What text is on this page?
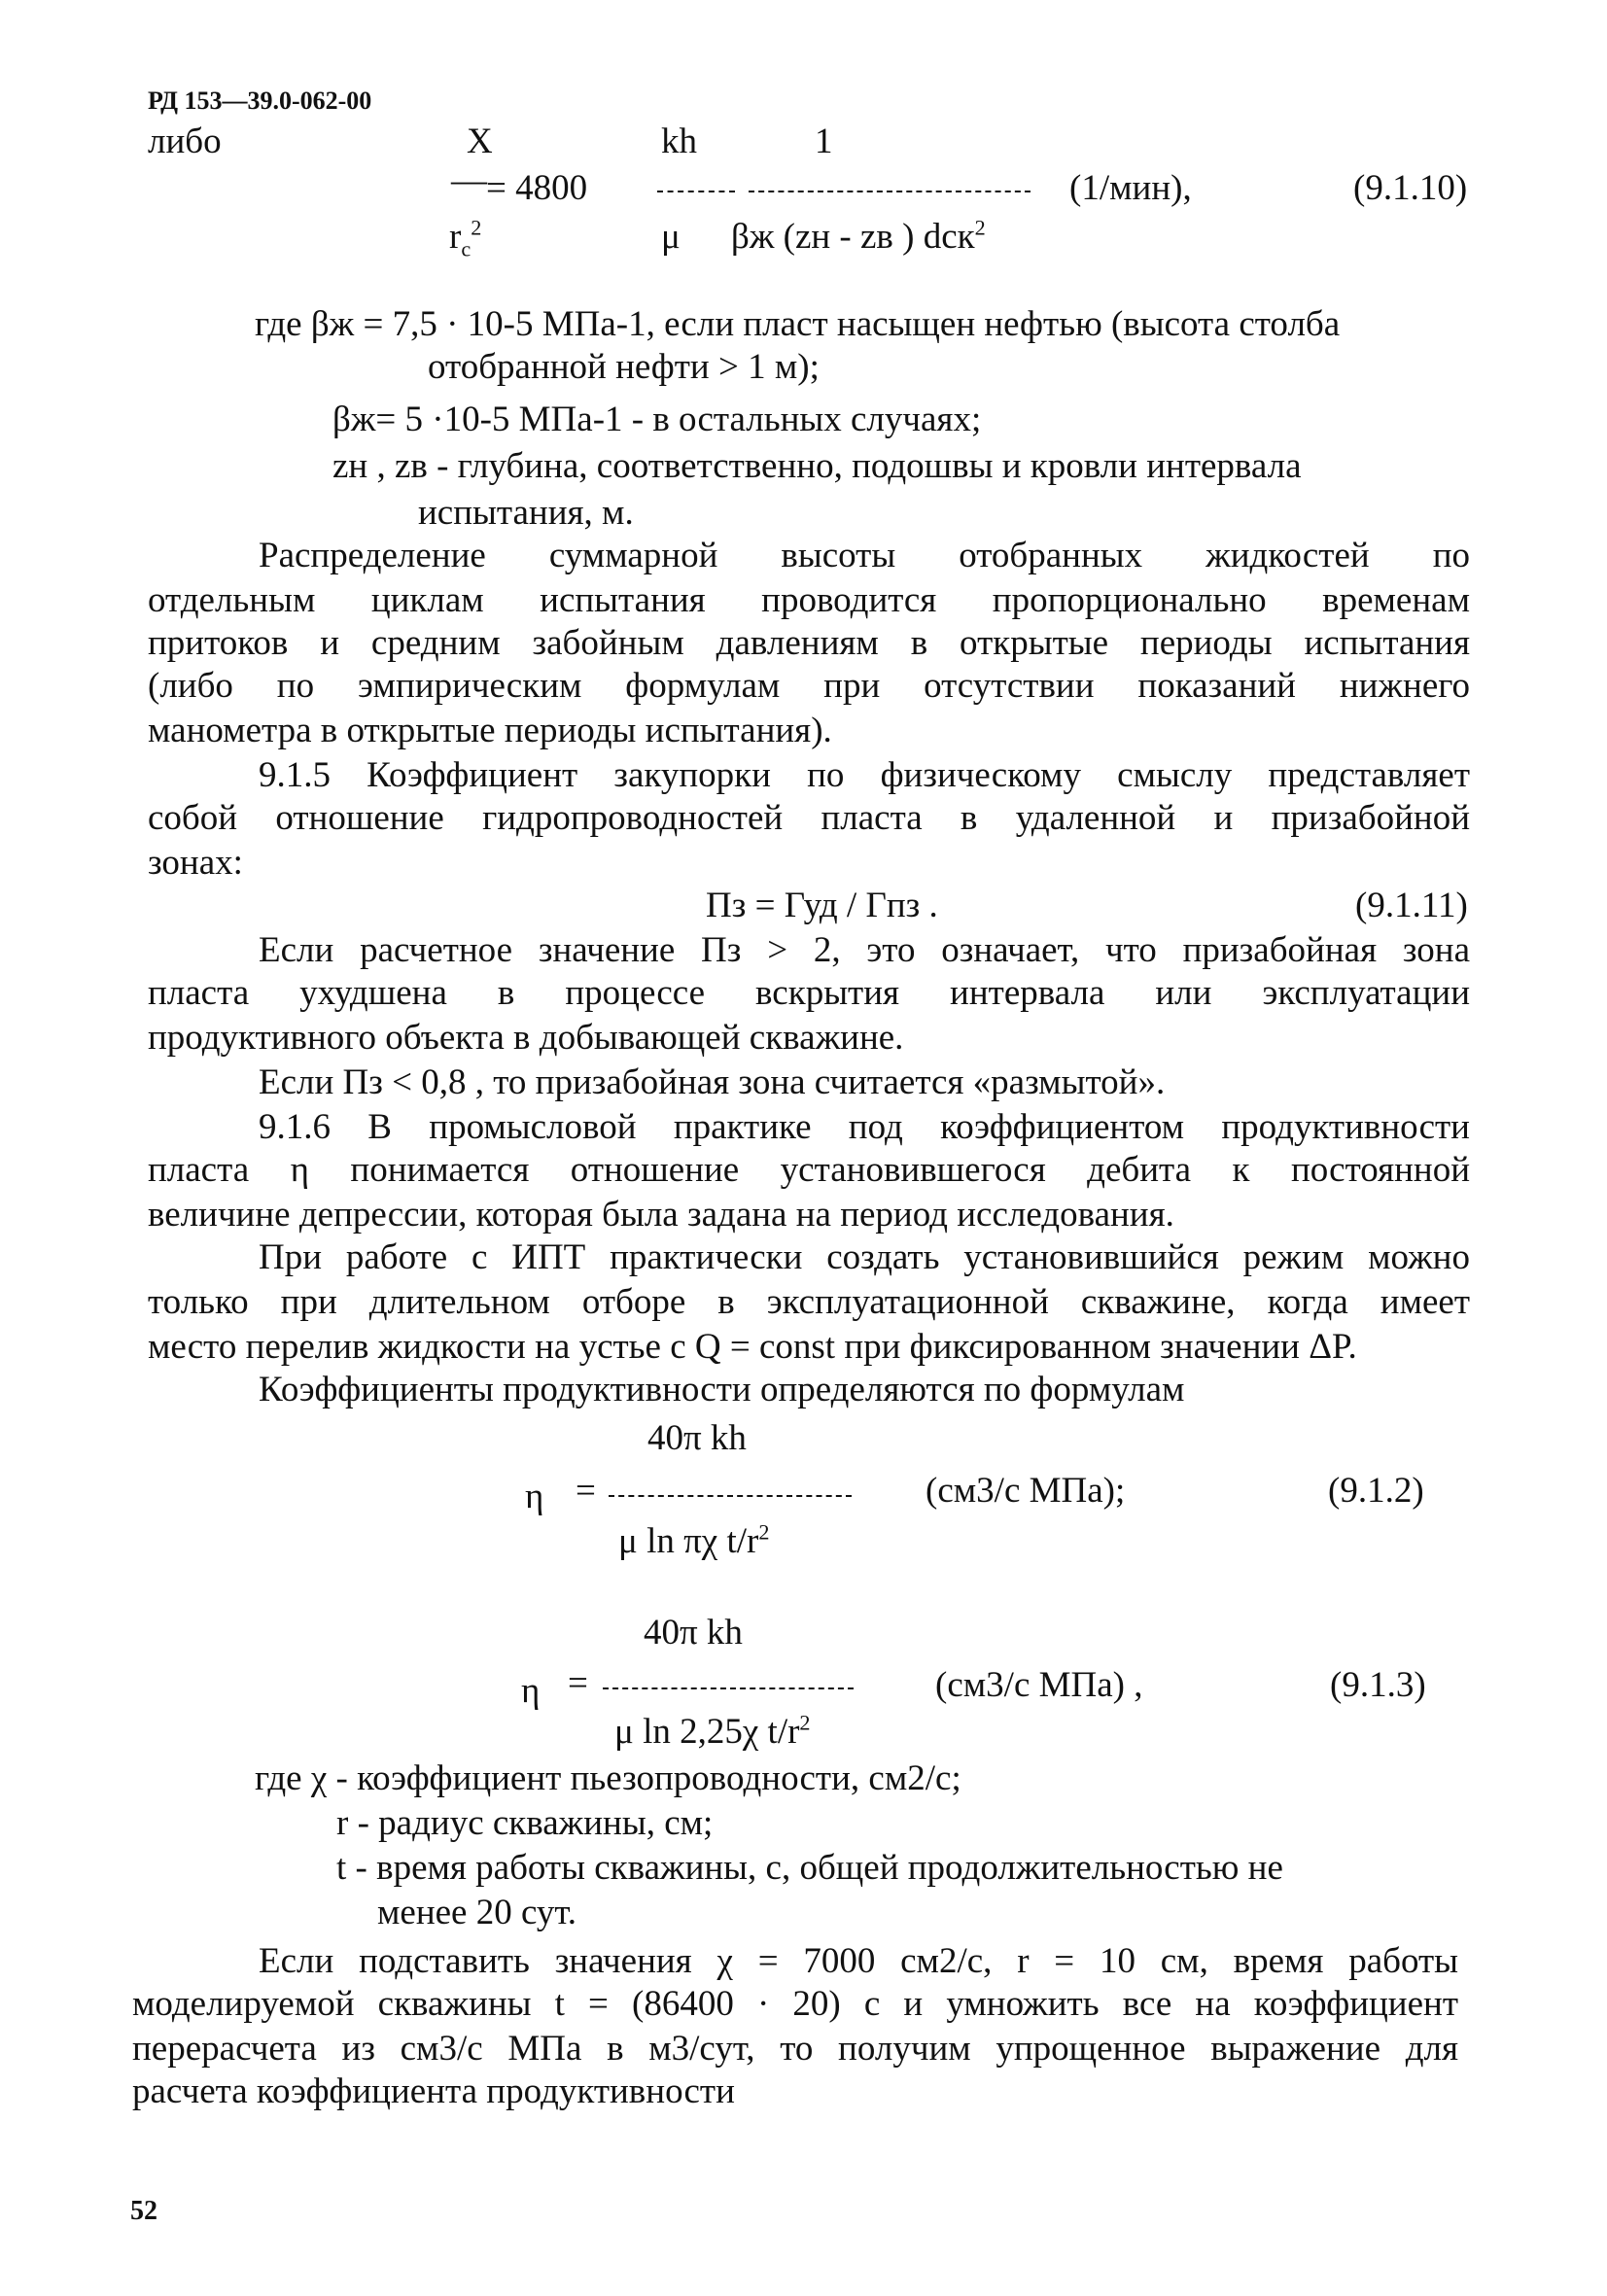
РД 153—39.0-062-00
52
либо	X	kh	1
— = 4800	(1/мин),	(9.1.10)
$r_c^2$	μ βж (zн - zв ) dск$^2$
где βж = 7,5 · 10-5 МПа-1, если пласт насыщен нефтью (высота столба
отобранной нефти > 1 м);
βж= 5 ·10-5 МПа-1 - в остальных случаях;
zн , zв - глубина, соответственно, подошвы и кровли интервала
испытания, м.
Распределение суммарной высоты отобранных жидкостей по
отдельным циклам испытания проводится пропорционально временам
притоков и средним забойным давлениям в открытые периоды испытания
(либо по эмпирическим формулам при отсутствии показаний нижнего
манометра в открытые периоды испытания).
9.1.5 Коэффициент закупорки по физическому смыслу представляет
собой отношение гидропроводностей пласта в удаленной и призабойной
зонах:
Пз = Гуд / Гпз .	(9.1.11)
Если расчетное значение Пз > 2, это означает, что призабойная зона
пласта ухудшена в процессе вскрытия интервала или эксплуатации
продуктивного объекта в добывающей скважине.
Если Пз < 0,8 , то призабойная зона считается «размытой».
9.1.6 В промысловой практике под коэффициентом продуктивности
пласта η понимается отношение установившегося дебита к постоянной
величине депрессии, которая была задана на период исследования.
При работе с ИПТ практически создать установившийся режим можно
только при длительном отборе в эксплуатационной скважине, когда имеет
место перелив жидкости на устье с Q = const при фиксированном значении ΔP.
Коэффициенты продуктивности определяются по формулам
40π kh
η =	(см3/с МПа);	(9.1.2)
μ ln πχ $t/r^2$
40π kh
η =	(см3/с МПа) ,	(9.1.3)
μ ln 2,25χ $t/r^2$
где χ - коэффициент пьезопроводности, см2/с;
r - радиус скважины, см;
t - время работы скважины, с, общей продолжительностью не
менее 20 сут.
Если подставить значения χ = 7000 см2/с, r = 10 см, время работы
моделируемой скважины t = (86400 · 20) с и умножить все на коэффициент
перерасчета из см3/с МПа в м3/сут, то получим упрощенное выражение для
расчета коэффициента продуктивности
